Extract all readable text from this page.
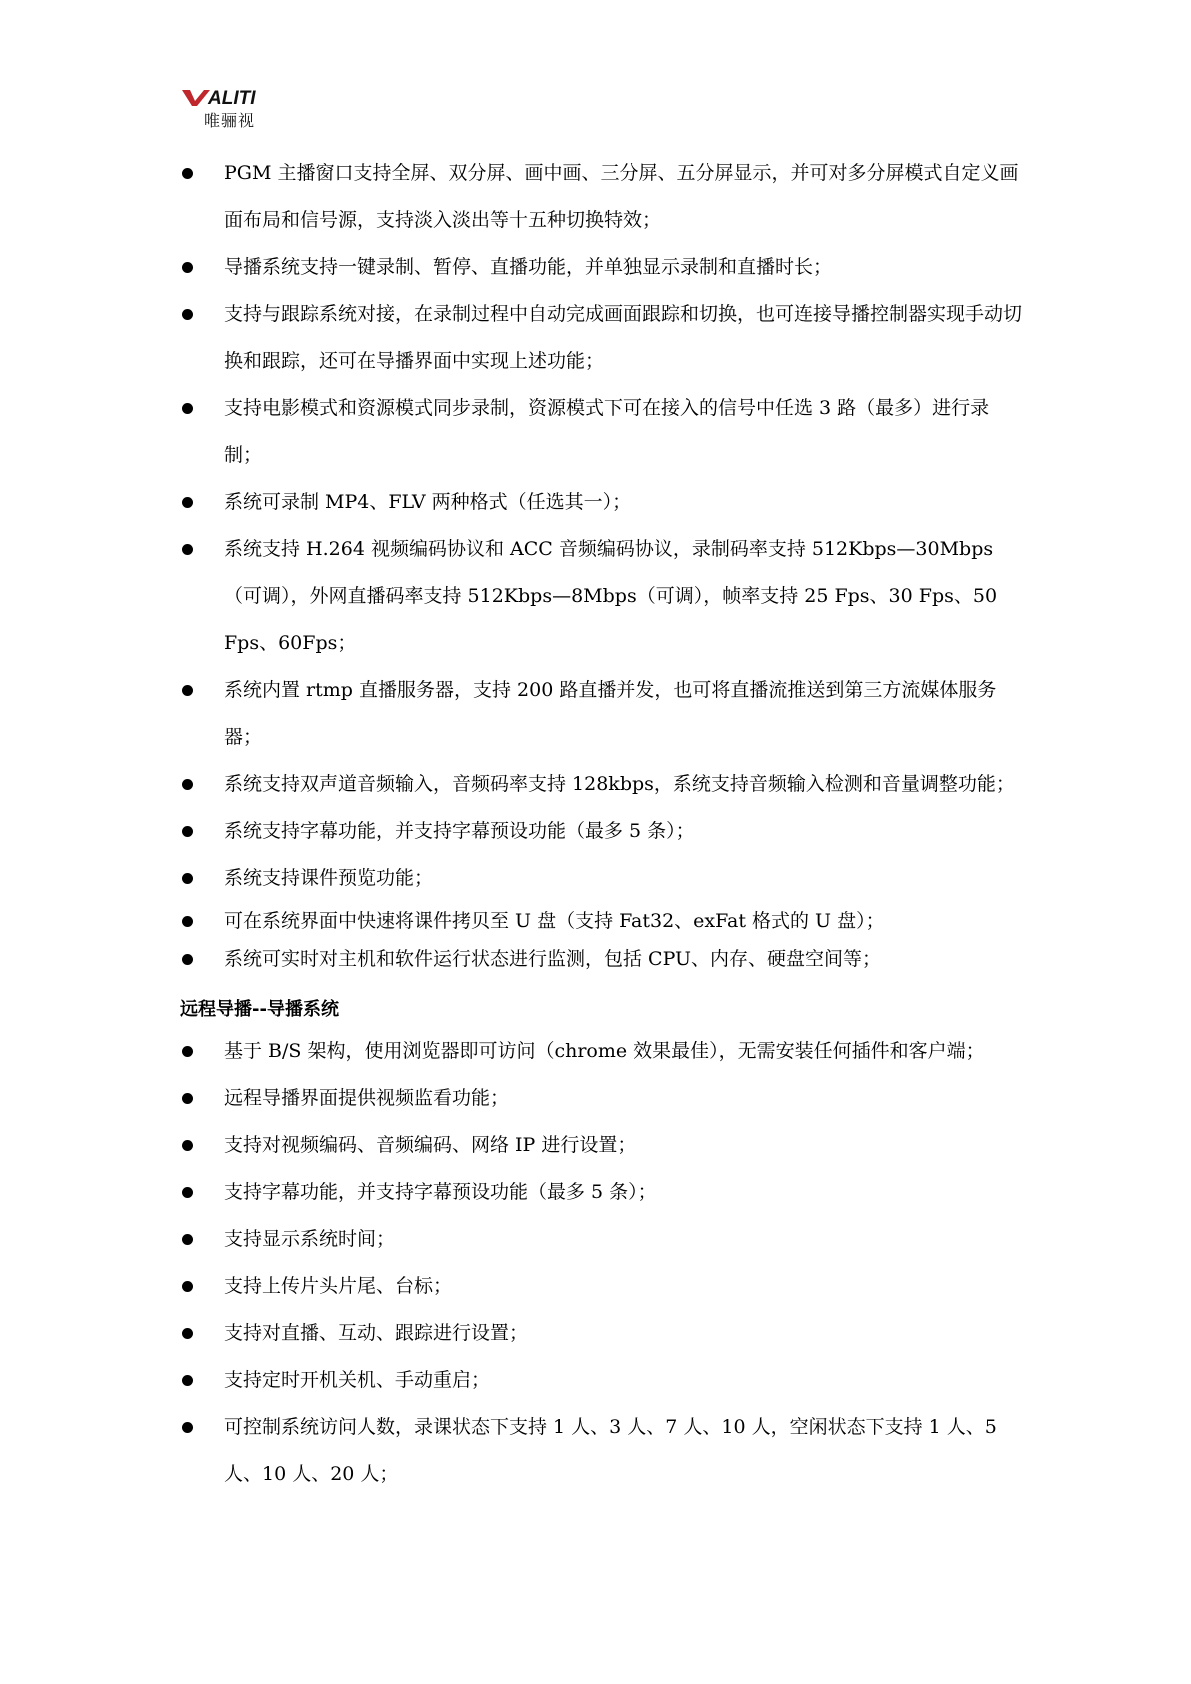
ALITI
唯骊视
PGM 主播窗口支持全屏、双分屏、画中画、三分屏、五分屏显示，并可对多分屏模式自定义画面布局和信号源，支持淡入淡出等十五种切换特效；
导播系统支持一键录制、暂停、直播功能，并单独显示录制和直播时长；
支持与跟踪系统对接，在录制过程中自动完成画面跟踪和切换，也可连接导播控制器实现手动切换和跟踪，还可在导播界面中实现上述功能；
支持电影模式和资源模式同步录制，资源模式下可在接入的信号中任选 3 路（最多）进行录制；
系统可录制 MP4、FLV 两种格式（任选其一）；
系统支持 H.264 视频编码协议和 ACC 音频编码协议，录制码率支持 512Kbps—30Mbps（可调），外网直播码率支持 512Kbps—8Mbps（可调），帧率支持 25 Fps、30 Fps、50 Fps、60Fps；
系统内置 rtmp 直播服务器，支持 200 路直播并发，也可将直播流推送到第三方流媒体服务器；
系统支持双声道音频输入，音频码率支持 128kbps，系统支持音频输入检测和音量调整功能；
系统支持字幕功能，并支持字幕预设功能（最多 5 条）；
系统支持课件预览功能；
可在系统界面中快速将课件拷贝至 U 盘（支持 Fat32、exFat 格式的 U 盘）；
系统可实时对主机和软件运行状态进行监测，包括 CPU、内存、硬盘空间等；
远程导播--导播系统
基于 B/S 架构，使用浏览器即可访问（chrome 效果最佳），无需安装任何插件和客户端；
远程导播界面提供视频监看功能；
支持对视频编码、音频编码、网络 IP 进行设置；
支持字幕功能，并支持字幕预设功能（最多 5 条）；
支持显示系统时间；
支持上传片头片尾、台标；
支持对直播、互动、跟踪进行设置；
支持定时开机关机、手动重启；
可控制系统访问人数，录课状态下支持 1 人、3 人、7 人、10 人，空闲状态下支持 1 人、5 人、10 人、20 人；
